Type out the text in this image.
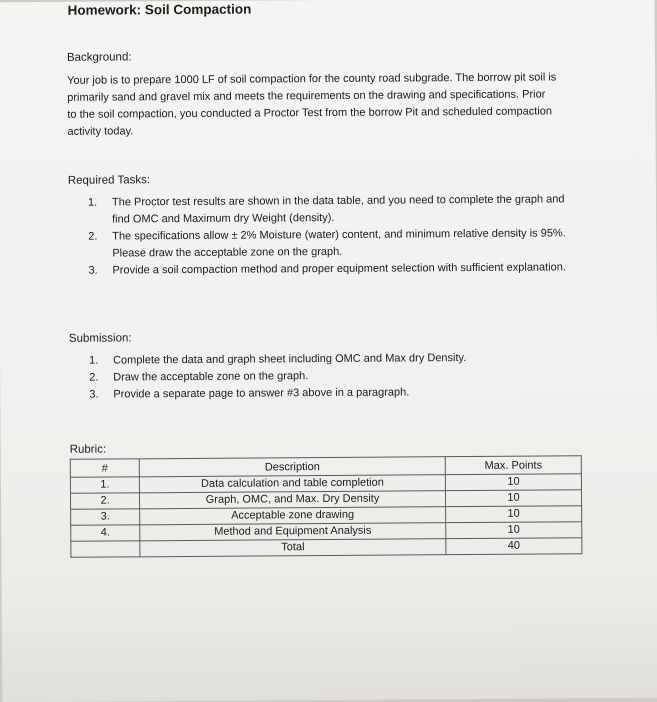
Homework: Soil Compaction
Background:
Your job is to prepare 1000 LF of soil compaction for the county road subgrade. The borrow pit soil is primarily sand and gravel mix and meets the requirements on the drawing and specifications. Prior to the soil compaction, you conducted a Proctor Test from the borrow Pit and scheduled compaction activity today.
Required Tasks:
1. The Proctor test results are shown in the data table, and you need to complete the graph and find OMC and Maximum dry Weight (density).
2. The specifications allow ± 2% Moisture (water) content, and minimum relative density is 95%. Please draw the acceptable zone on the graph.
3. Provide a soil compaction method and proper equipment selection with sufficient explanation.
Submission:
1. Complete the data and graph sheet including OMC and Max dry Density.
2. Draw the acceptable zone on the graph.
3. Provide a separate page to answer #3 above in a paragraph.
Rubric:
#	Description	Max. Points
1.	Data calculation and table completion	10
2.	Graph, OMC, and Max. Dry Density	10
3.	Acceptable zone drawing	10
4.	Method and Equipment Analysis	10
	Total	40
